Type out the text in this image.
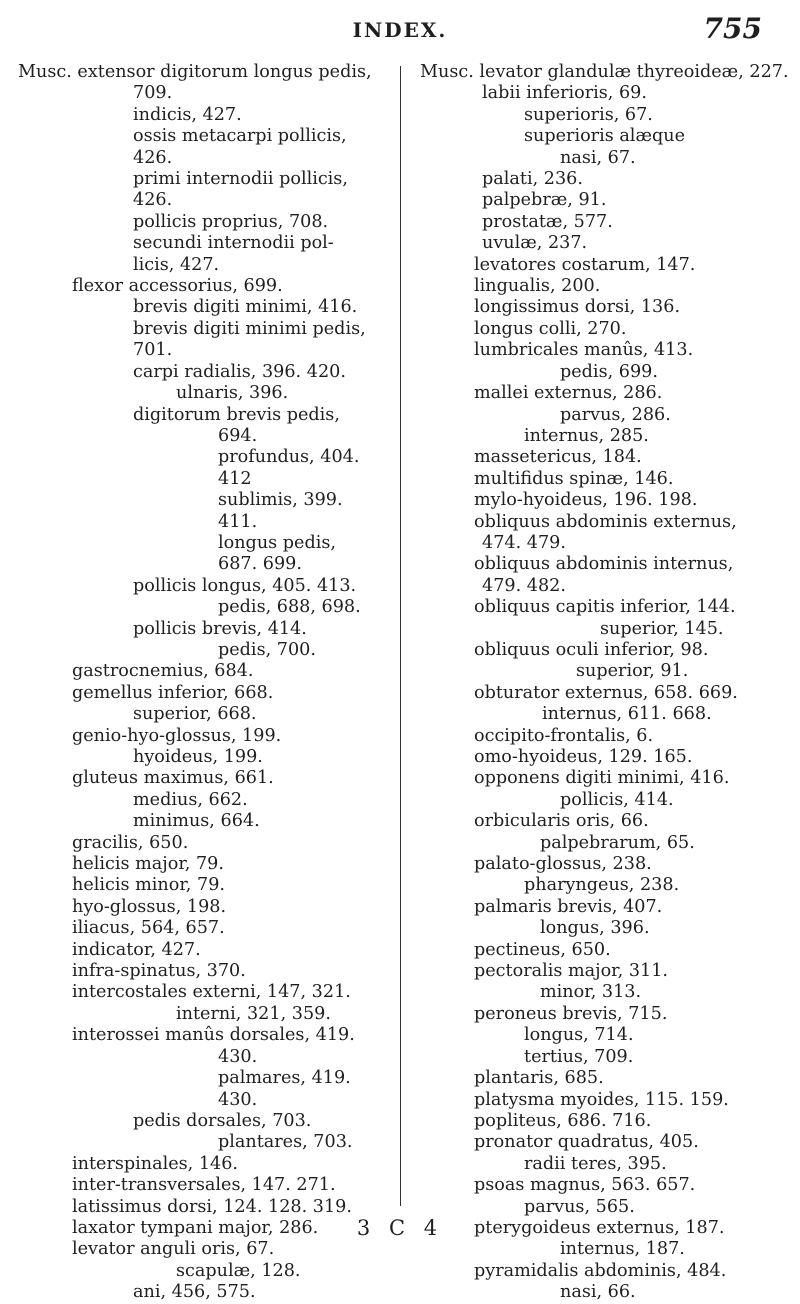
INDEX.	755
Musc. extensor digitorum longus pedis,
709.
indicis, 427.
ossis metacarpi pollicis,
426.
primi internodii pollicis,
426.
pollicis proprius, 708.
secundi internodii pol-
licis, 427.
flexor accessorius, 699.
brevis digiti minimi, 416.
brevis digiti minimi pedis,
701.
carpi radialis, 396. 420.
ulnaris, 396.
digitorum brevis pedis,
694.
profundus, 404.
412
sublimis, 399.
411.
longus pedis,
687. 699.
pollicis longus, 405. 413.
pedis, 688, 698.
pollicis brevis, 414.
pedis, 700.
gastrocnemius, 684.
gemellus inferior, 668.
superior, 668.
genio-hyo-glossus, 199.
hyoideus, 199.
gluteus maximus, 661.
medius, 662.
minimus, 664.
gracilis, 650.
helicis major, 79.
helicis minor, 79.
hyo-glossus, 198.
iliacus, 564, 657.
indicator, 427.
infra-spinatus, 370.
intercostales externi, 147, 321.
interni, 321, 359.
interossei manûs dorsales, 419.
430.
palmares, 419.
430.
pedis dorsales, 703.
plantares, 703.
interspinales, 146.
inter-transversales, 147. 271.
latissimus dorsi, 124. 128. 319.
laxator tympani major, 286.
levator anguli oris, 67.
scapulæ, 128.
ani, 456, 575.
Musc. levator glandulæ thyreoideæ, 227.
labii inferioris, 69.
superioris, 67.
superioris alæque
nasi, 67.
palati, 236.
palpebræ, 91.
prostatæ, 577.
uvulæ, 237.
levatores costarum, 147.
lingualis, 200.
longissimus dorsi, 136.
longus colli, 270.
lumbricales manûs, 413.
pedis, 699.
mallei externus, 286.
parvus, 286.
internus, 285.
massetericus, 184.
multifidus spinæ, 146.
mylo-hyoideus, 196. 198.
obliquus abdominis externus,
474. 479.
obliquus abdominis internus,
479. 482.
obliquus capitis inferior, 144.
superior, 145.
obliquus oculi inferior, 98.
superior, 91.
obturator externus, 658. 669.
internus, 611. 668.
occipito-frontalis, 6.
omo-hyoideus, 129. 165.
opponens digiti minimi, 416.
pollicis, 414.
orbicularis oris, 66.
palpebrarum, 65.
palato-glossus, 238.
pharyngeus, 238.
palmaris brevis, 407.
longus, 396.
pectineus, 650.
pectoralis major, 311.
minor, 313.
peroneus brevis, 715.
longus, 714.
tertius, 709.
plantaris, 685.
platysma myoides, 115. 159.
popliteus, 686. 716.
pronator quadratus, 405.
radii teres, 395.
psoas magnus, 563. 657.
parvus, 565.
pterygoideus externus, 187.
internus, 187.
pyramidalis abdominis, 484.
nasi, 66.
3 C 4
